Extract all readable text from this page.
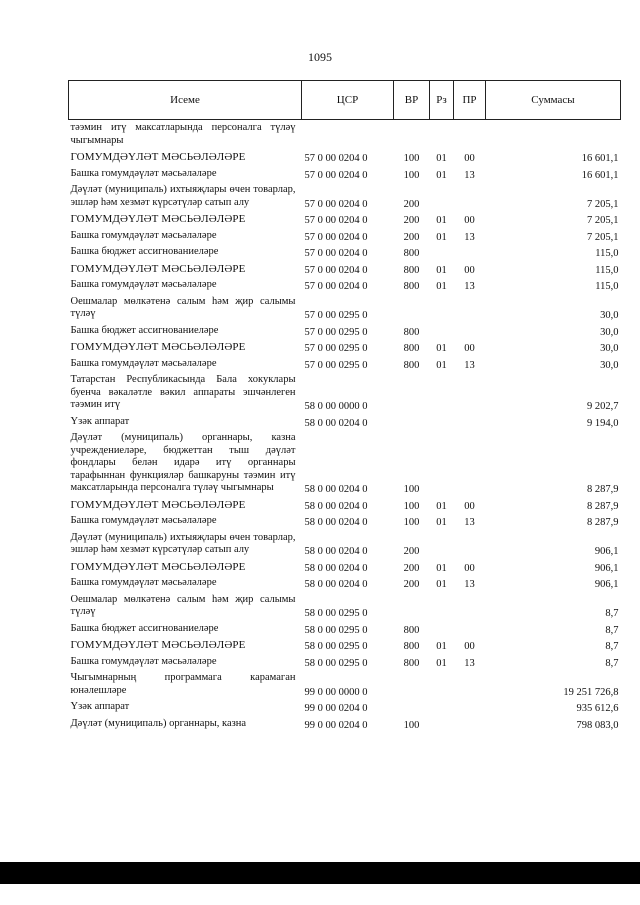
1095
Исеме	ЦСР	ВР	Рз	ПР	Суммасы
тәэмин итү максатларында персоналга түләү чыгымнары					
ГОМУМДӘҮЛӘТ МӘСЬӘЛӘЛӘРЕ	57 0 00 0204 0	100	01	00	16 601,1
Башка гомумдәүләт мәсьәләләре	57 0 00 0204 0	100	01	13	16 601,1
Дәүләт (муниципаль) ихтыяҗлары өчен товарлар, эшләр һәм хезмәт күрсәтүләр сатып алу	57 0 00 0204 0	200			7 205,1
ГОМУМДӘҮЛӘТ МӘСЬӘЛӘЛӘРЕ	57 0 00 0204 0	200	01	00	7 205,1
Башка гомумдәүләт мәсьәләләре	57 0 00 0204 0	200	01	13	7 205,1
Башка бюджет ассигнованиеләре	57 0 00 0204 0	800			115,0
ГОМУМДӘҮЛӘТ МӘСЬӘЛӘЛӘРЕ	57 0 00 0204 0	800	01	00	115,0
Башка гомумдәүләт мәсьәләләре	57 0 00 0204 0	800	01	13	115,0
Оешмалар мөлкәтенә салым һәм җир салымы түләү	57 0 00 0295 0				30,0
Башка бюджет ассигнованиеләре	57 0 00 0295 0	800			30,0
ГОМУМДӘҮЛӘТ МӘСЬӘЛӘЛӘРЕ	57 0 00 0295 0	800	01	00	30,0
Башка гомумдәүләт мәсьәләләре	57 0 00 0295 0	800	01	13	30,0
Татарстан Республикасында Бала хокуклары буенча вәкаләтле вәкил аппараты эшчәнлеген тәэмин итү	58 0 00 0000 0				9 202,7
Үзәк аппарат	58 0 00 0204 0				9 194,0
Дәүләт (муниципаль) органнары, казна учреждениеләре, бюджеттан тыш дәүләт фондлары белән идарә итү органнары тарафыннан функцияләр башкаруны тәэмин итү максатларында персоналга түләү чыгымнары	58 0 00 0204 0	100			8 287,9
ГОМУМДӘҮЛӘТ МӘСЬӘЛӘЛӘРЕ	58 0 00 0204 0	100	01	00	8 287,9
Башка гомумдәүләт мәсьәләләре	58 0 00 0204 0	100	01	13	8 287,9
Дәүләт (муниципаль) ихтыяҗлары өчен товарлар, эшләр һәм хезмәт күрсәтүләр сатып алу	58 0 00 0204 0	200			906,1
ГОМУМДӘҮЛӘТ МӘСЬӘЛӘЛӘРЕ	58 0 00 0204 0	200	01	00	906,1
Башка гомумдәүләт мәсьәләләре	58 0 00 0204 0	200	01	13	906,1
Оешмалар мөлкәтенә салым һәм җир салымы түләү	58 0 00 0295 0				8,7
Башка бюджет ассигнованиеләре	58 0 00 0295 0	800			8,7
ГОМУМДӘҮЛӘТ МӘСЬӘЛӘЛӘРЕ	58 0 00 0295 0	800	01	00	8,7
Башка гомумдәүләт мәсьәләләре	58 0 00 0295 0	800	01	13	8,7
Чыгымнарның программага карамаган юнәлешләре	99 0 00 0000 0				19 251 726,8
Үзәк аппарат	99 0 00 0204 0				935 612,6
Дәүләт (муниципаль) органнары, казна	99 0 00 0204 0	100			798 083,0
